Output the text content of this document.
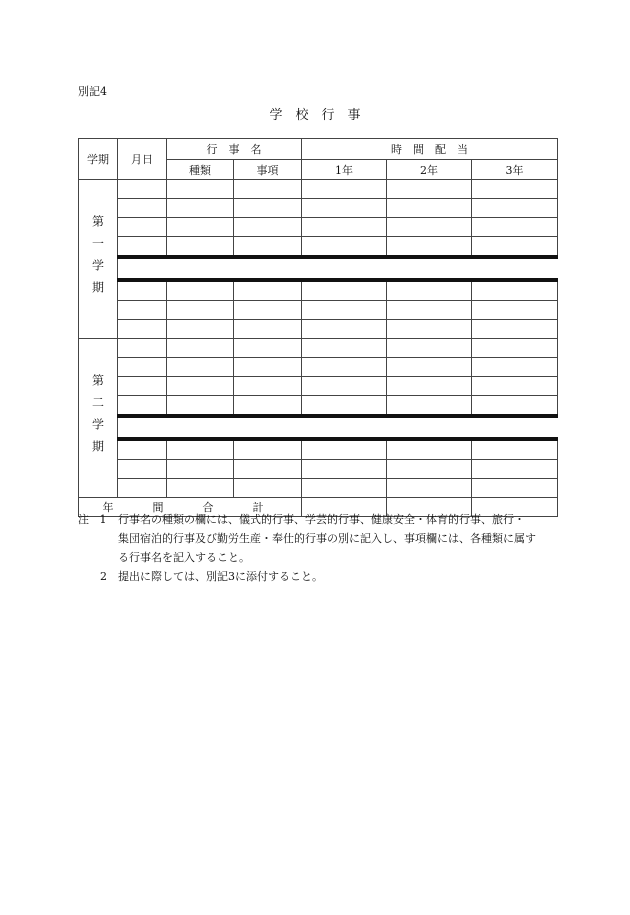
別記4
学　校　行　事
学期	月日	行　事　名		時　間　配　当		
		種類	事項	1年	2年	3年
第一学期						

第二学期						

年　間　合　計						
注 1	行事名の種類の欄には、儀式的行事、学芸的行事、健康安全・体育的行事、旅行・
集団宿泊的行事及び勤労生産・奉仕的行事の別に記入し、事項欄には、各種類に属す
る行事名を記入すること。
2	提出に際しては、別記3に添付すること。
